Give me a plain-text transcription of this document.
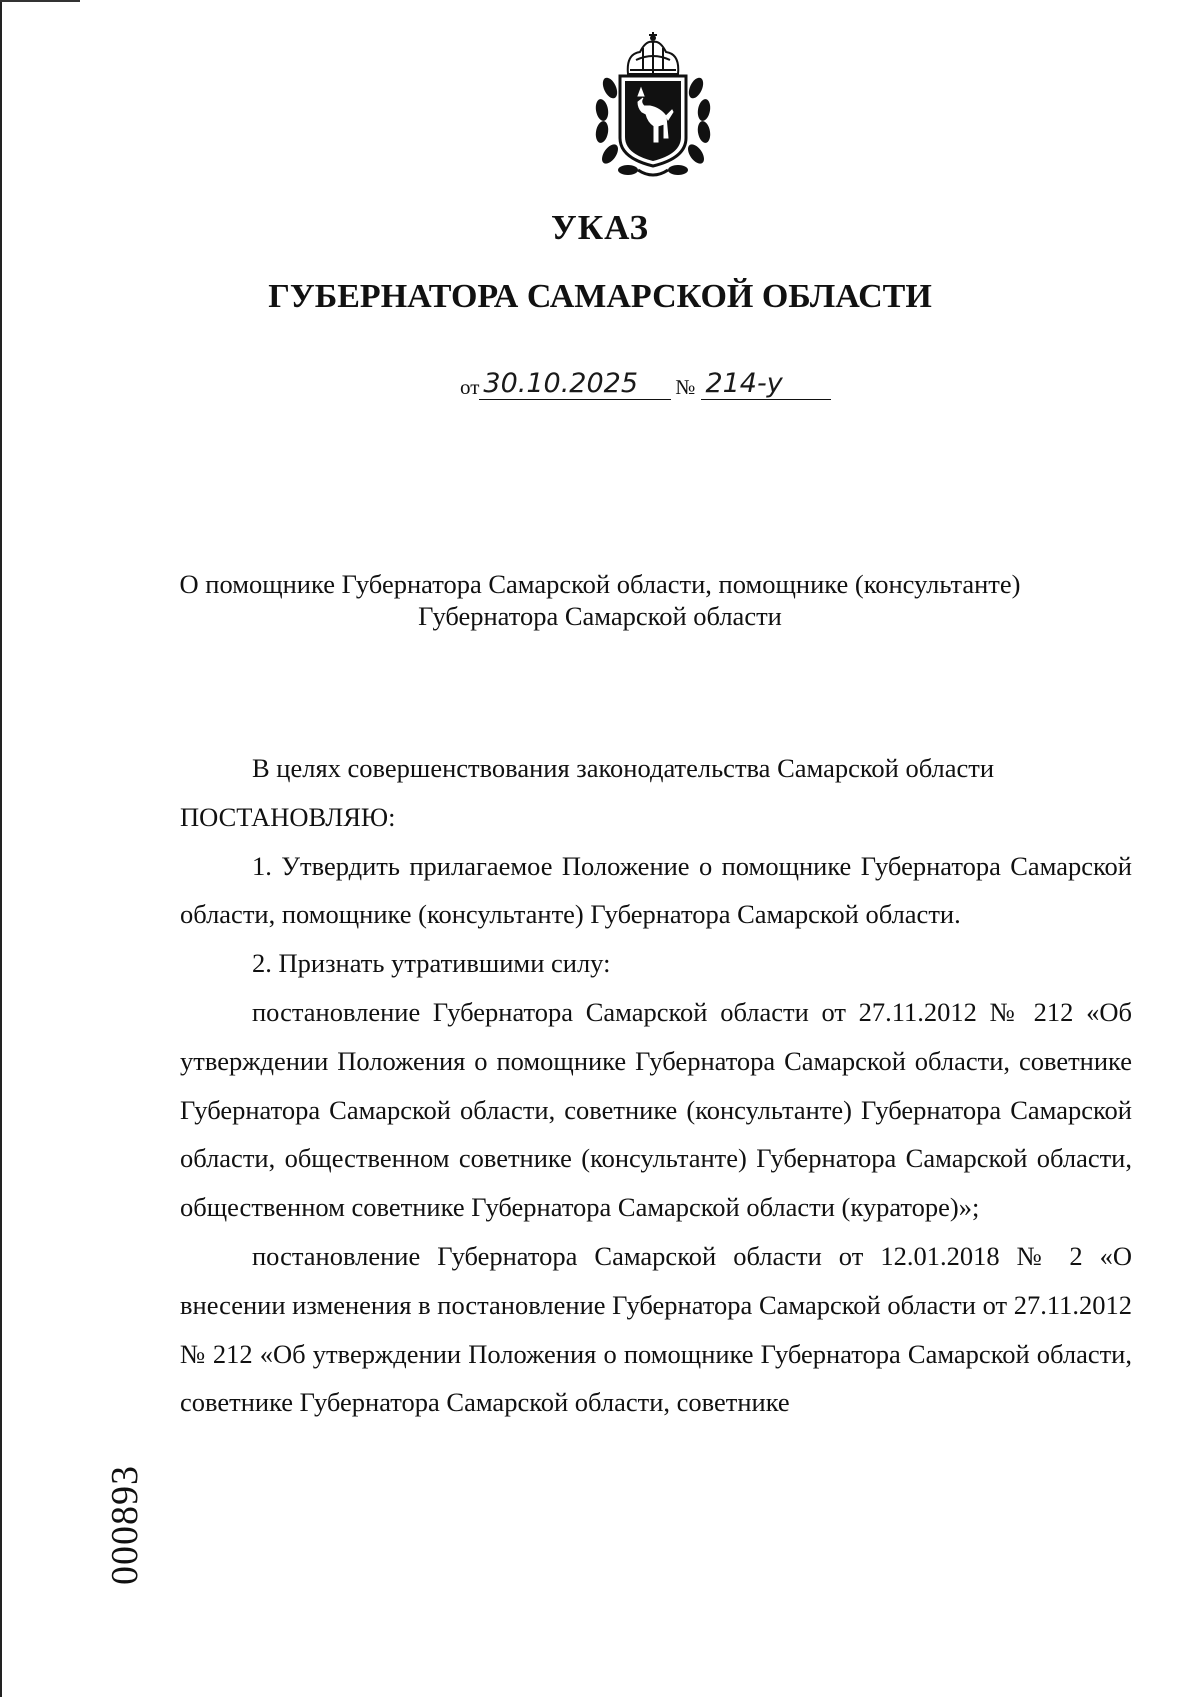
УКАЗ
ГУБЕРНАТОРА САМАРСКОЙ ОБЛАСТИ
от 30.10.2025	№ 214-у
О помощнике Губернатора Самарской области, помощнике (консультанте) Губернатора Самарской области

В целях совершенствования законодательства Самарской области

ПОСТАНОВЛЯЮ:

1. Утвердить прилагаемое Положение о помощнике Губернатора Самарской области, помощнике (консультанте) Губернатора Самарской области.

2. Признать утратившими силу:

постановление Губернатора Самарской области от 27.11.2012 № 212 «Об утверждении Положения о помощнике Губернатора Самарской области, советнике Губернатора Самарской области, советнике (консультанте) Губернатора Самарской области, общественном советнике (консультанте) Губернатора Самарской области, общественном советнике Губернатора Самарской области (кураторе)»;

постановление Губернатора Самарской области от 12.01.2018 № 2 «О внесении изменения в постановление Губернатора Самарской области от 27.11.2012 № 212 «Об утверждении Положения о помощнике Губернатора Самарской области, советнике Губернатора Самарской области, советнике

000893
